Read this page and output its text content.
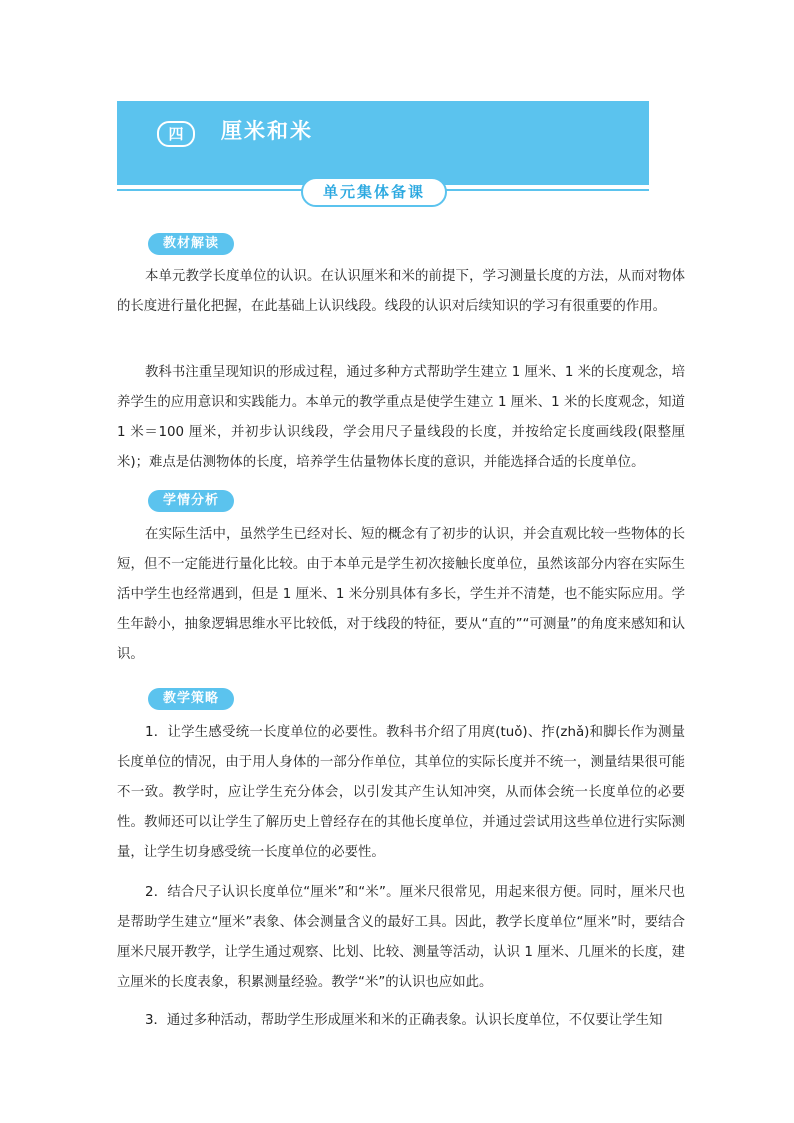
四	厘米和米
单元集体备课
教材解读

本单元教学长度单位的认识。在认识厘米和米的前提下，学习测量长度的方法，从而对物体的长度进行量化把握，在此基础上认识线段。线段的认识对后续知识的学习有很重要的作用。

教科书注重呈现知识的形成过程，通过多种方式帮助学生建立 1 厘米、1 米的长度观念，培养学生的应用意识和实践能力。本单元的教学重点是使学生建立 1 厘米、1 米的长度观念，知道 1 米＝100 厘米，并初步认识线段，学会用尺子量线段的长度，并按给定长度画线段(限整厘米)；难点是估测物体的长度，培养学生估量物体长度的意识，并能选择合适的长度单位。

学情分析

在实际生活中，虽然学生已经对长、短的概念有了初步的认识，并会直观比较一些物体的长短，但不一定能进行量化比较。由于本单元是学生初次接触长度单位，虽然该部分内容在实际生活中学生也经常遇到，但是 1 厘米、1 米分别具体有多长，学生并不清楚，也不能实际应用。学生年龄小，抽象逻辑思维水平比较低，对于线段的特征，要从“直的”“可测量”的角度来感知和认识。

教学策略

1．让学生感受统一长度单位的必要性。教科书介绍了用庹(tuǒ)、拃(zhǎ)和脚长作为测量长度单位的情况，由于用人身体的一部分作单位，其单位的实际长度并不统一，测量结果很可能不一致。教学时，应让学生充分体会，以引发其产生认知冲突，从而体会统一长度单位的必要性。教师还可以让学生了解历史上曾经存在的其他长度单位，并通过尝试用这些单位进行实际测量，让学生切身感受统一长度单位的必要性。

2．结合尺子认识长度单位“厘米”和“米”。厘米尺很常见，用起来很方便。同时，厘米尺也是帮助学生建立“厘米”表象、体会测量含义的最好工具。因此，教学长度单位“厘米”时，要结合厘米尺展开教学，让学生通过观察、比划、比较、测量等活动，认识 1 厘米、几厘米的长度，建立厘米的长度表象，积累测量经验。教学“米”的认识也应如此。

3．通过多种活动，帮助学生形成厘米和米的正确表象。认识长度单位，不仅要让学生知
